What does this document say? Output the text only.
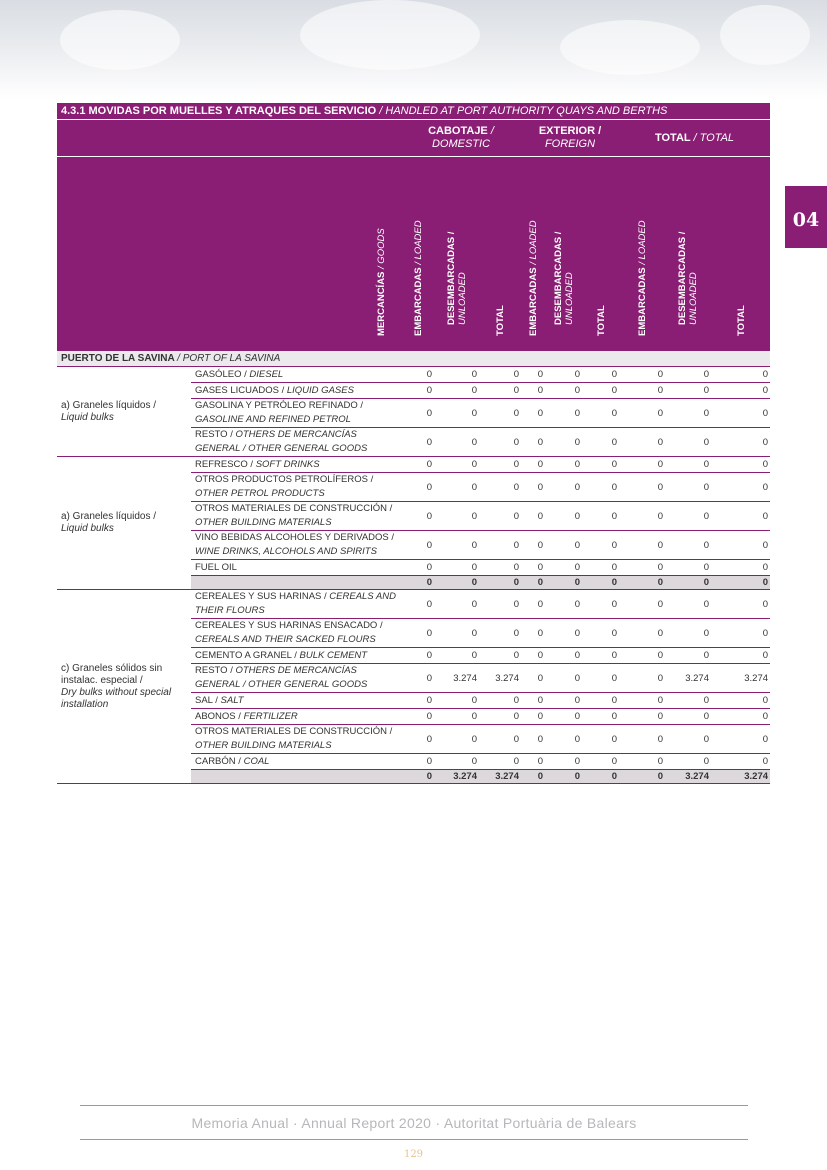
04
4.3.1 MOVIDAS POR MUELLES Y ATRAQUES DEL SERVICIO / HANDLED AT PORT AUTHORITY QUAYS AND BERTHS										
		CABOTAJE / DOMESTIC			EXTERIOR /
FOREIGN			TOTAL / TOTAL		

	MERCANCÍAS / GOODS	EMBARCADAS / LOADED	DESEMBARCADAS /
UNLOADED	TOTAL	EMBARCADAS / LOADED	DESEMBARCADAS /
UNLOADED	TOTAL	EMBARCADAS / LOADED	DESEMBARCADAS /
UNLOADED	TOTAL

PUERTO DE LA SAVINA / PORT OF LA SAVINA										
a) Graneles líquidos /
Liquid bulks	GASÓLEO / DIESEL	0	0	0	0	0	0	0	0	0
	GASES LICUADOS / LIQUID GASES	0	0	0	0	0	0	0	0	0
	GASOLINA Y PETRÓLEO REFINADO / GASOLINE AND REFINED PETROL	0	0	0	0	0	0	0	0	0
	RESTO / OTHERS DE MERCANCÍAS GENERAL / OTHER GENERAL GOODS	0	0	0	0	0	0	0	0	0
a) Graneles líquidos /
Liquid bulks	REFRESCO / SOFT DRINKS	0	0	0	0	0	0	0	0	0
	OTROS PRODUCTOS PETROLÍFEROS / OTHER PETROL PRODUCTS	0	0	0	0	0	0	0	0	0
	OTROS MATERIALES DE CONSTRUCCIÓN / OTHER BUILDING MATERIALS	0	0	0	0	0	0	0	0	0
	VINO BEBIDAS ALCOHOLES Y DERIVADOS / WINE DRINKS, ALCOHOLS AND SPIRITS	0	0	0	0	0	0	0	0	0
	FUEL OIL	0	0	0	0	0	0	0	0	0
		0	0	0	0	0	0	0	0	0
c) Graneles sólidos sin instalac. especial /
Dry bulks without special installation	CEREALES Y SUS HARINAS / CEREALS AND THEIR FLOURS	0	0	0	0	0	0	0	0	0
	CEREALES Y SUS HARINAS ENSACADO / CEREALS AND THEIR SACKED FLOURS	0	0	0	0	0	0	0	0	0
	CEMENTO A GRANEL / BULK CEMENT	0	0	0	0	0	0	0	0	0
	RESTO / OTHERS DE MERCANCÍAS GENERAL / OTHER GENERAL GOODS	0	3.274	3.274	0	0	0	0	3.274	3.274
	SAL / SALT	0	0	0	0	0	0	0	0	0
	ABONOS / FERTILIZER	0	0	0	0	0	0	0	0	0
	OTROS MATERIALES DE CONSTRUCCIÓN / OTHER BUILDING MATERIALS	0	0	0	0	0	0	0	0	0
	CARBÓN / COAL	0	0	0	0	0	0	0	0	0
		0	3.274	3.274	0	0	0	0	3.274	3.274
Memoria Anual · Annual Report 2020 · Autoritat Portuària de Balears
129
